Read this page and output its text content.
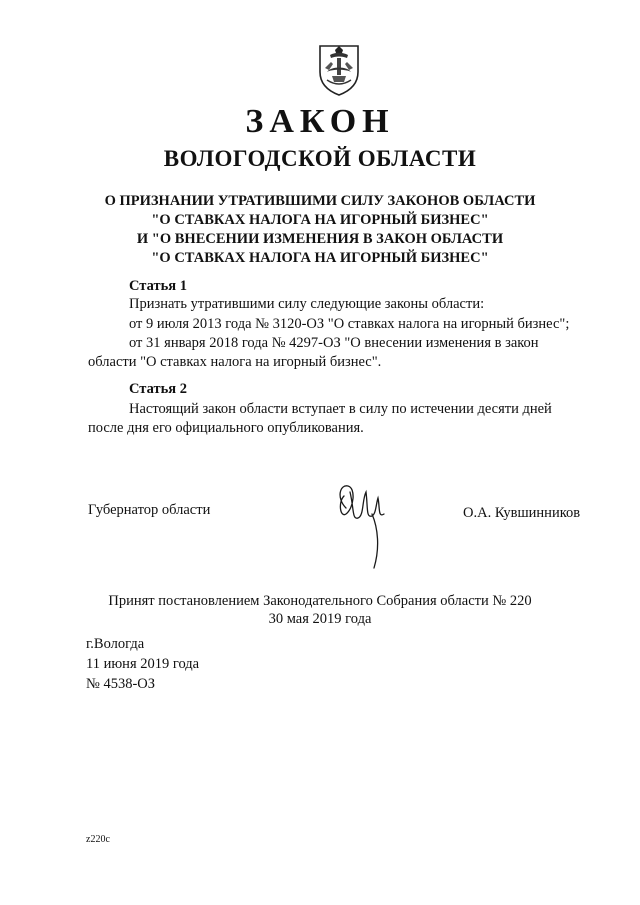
ЗАКОН
ВОЛОГОДСКОЙ ОБЛАСТИ
О ПРИЗНАНИИ УТРАТИВШИМИ СИЛУ ЗАКОНОВ ОБЛАСТИ
"О СТАВКАХ НАЛОГА НА ИГОРНЫЙ БИЗНЕС"
И "О ВНЕСЕНИИ ИЗМЕНЕНИЯ В ЗАКОН ОБЛАСТИ
"О СТАВКАХ НАЛОГА НА ИГОРНЫЙ БИЗНЕС"
Статья 1
Признать утратившими силу следующие законы области:
от 9 июля 2013 года № 3120-ОЗ "О ставках налога на игорный бизнес";
от 31 января 2018 года № 4297-ОЗ "О внесении изменения в закон
области "О ставках налога на игорный бизнес".
Статья 2
Настоящий закон области вступает в силу по истечении десяти дней
после дня его официального опубликования.
Губернатор области	О.А. Кувшинников
Принят постановлением Законодательного Собрания области № 220
30 мая 2019 года
г.Вологда
11 июня 2019 года
№ 4538-ОЗ
z220c
